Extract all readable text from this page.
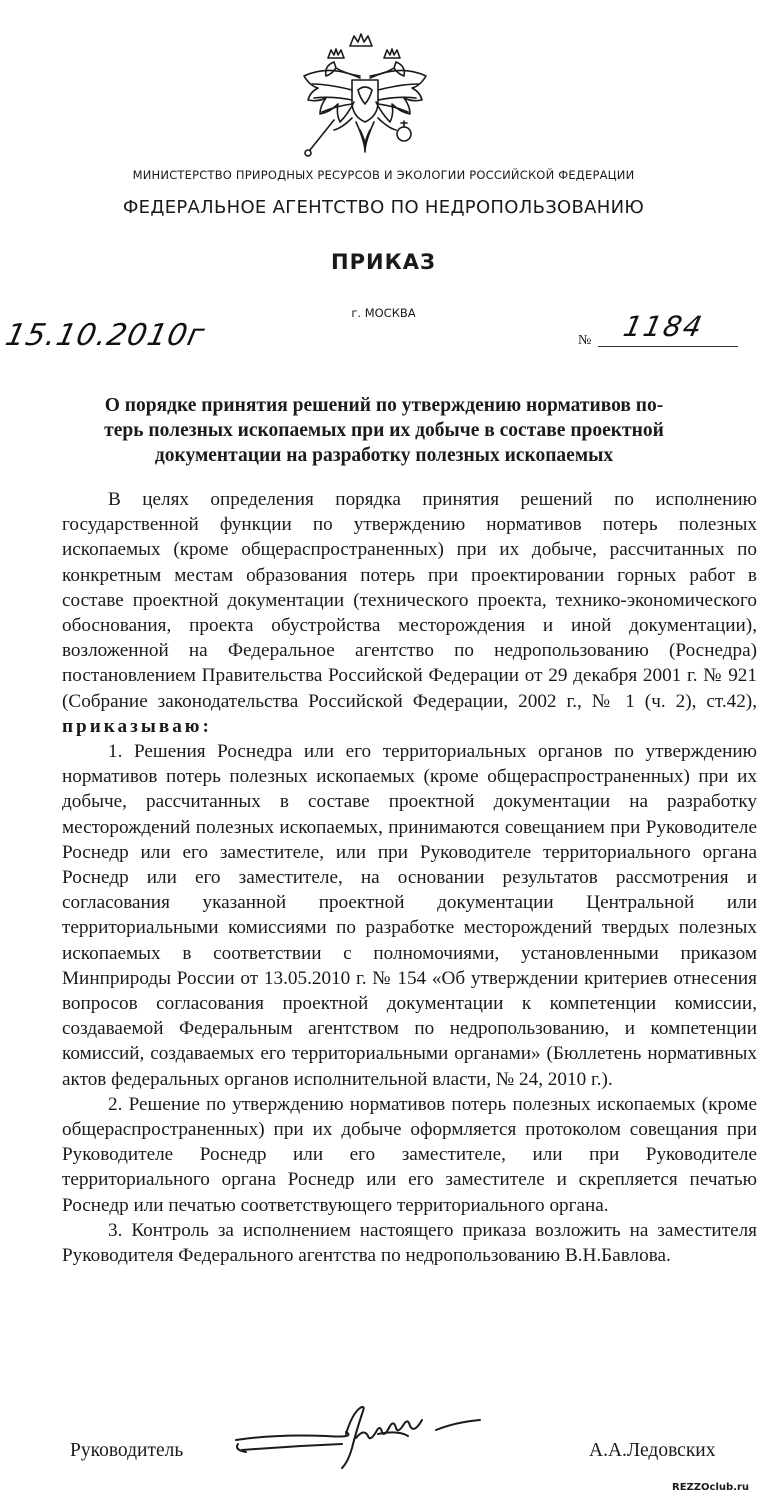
МИНИСТЕРСТВО ПРИРОДНЫХ РЕСУРСОВ И ЭКОЛОГИИ РОССИЙСКОЙ ФЕДЕРАЦИИ
ФЕДЕРАЛЬНОЕ АГЕНТСТВО ПО НЕДРОПОЛЬЗОВАНИЮ
ПРИКАЗ
г. МОСКВА
15.10.2010г	№ 1184
О порядке принятия решений по утверждению нормативов по-
терь полезных ископаемых при их добыче в составе проектной
документации на разработку полезных ископаемых

В целях определения порядка принятия решений по исполнению государственной функции по утверждению нормативов потерь полезных ископаемых (кроме общераспространенных) при их добыче, рассчитанных по конкретным местам образования потерь при проектировании горных работ в составе проектной документации (технического проекта, технико-экономического обоснования, проекта обустройства месторождения и иной документации), возложенной на Федеральное агентство по недропользованию (Роснедра) постановлением Правительства Российской Федерации от 29 декабря 2001 г. № 921 (Собрание законодательства Российской Федерации, 2002 г., № 1 (ч. 2), ст.42), приказываю:

1. Решения Роснедра или его территориальных органов по утверждению нормативов потерь полезных ископаемых (кроме общераспространенных) при их добыче, рассчитанных в составе проектной документации на разработку месторождений полезных ископаемых, принимаются совещанием при Руководителе Роснедр или его заместителе, или при Руководителе территориального органа Роснедр или его заместителе, на основании результатов рассмотрения и согласования указанной проектной документации Центральной или территориальными комиссиями по разработке месторождений твердых полезных ископаемых в соответствии с полномочиями, установленными приказом Минприроды России от 13.05.2010 г. № 154 «Об утверждении критериев отнесения вопросов согласования проектной документации к компетенции комиссии, создаваемой Федеральным агентством по недропользованию, и компетенции комиссий, создаваемых его территориальными органами» (Бюллетень нормативных актов федеральных органов исполнительной власти, № 24, 2010 г.).

2. Решение по утверждению нормативов потерь полезных ископаемых (кроме общераспространенных) при их добыче оформляется протоколом совещания при Руководителе Роснедр или его заместителе, или при Руководителе территориального органа Роснедр или его заместителе и скрепляется печатью Роснедр или печатью соответствующего территориального органа.

3. Контроль за исполнением настоящего приказа возложить на заместителя Руководителя Федерального агентства по недропользованию В.Н.Бавлова.

Руководитель	А.А.Ледовских
REZZOclub.ru
